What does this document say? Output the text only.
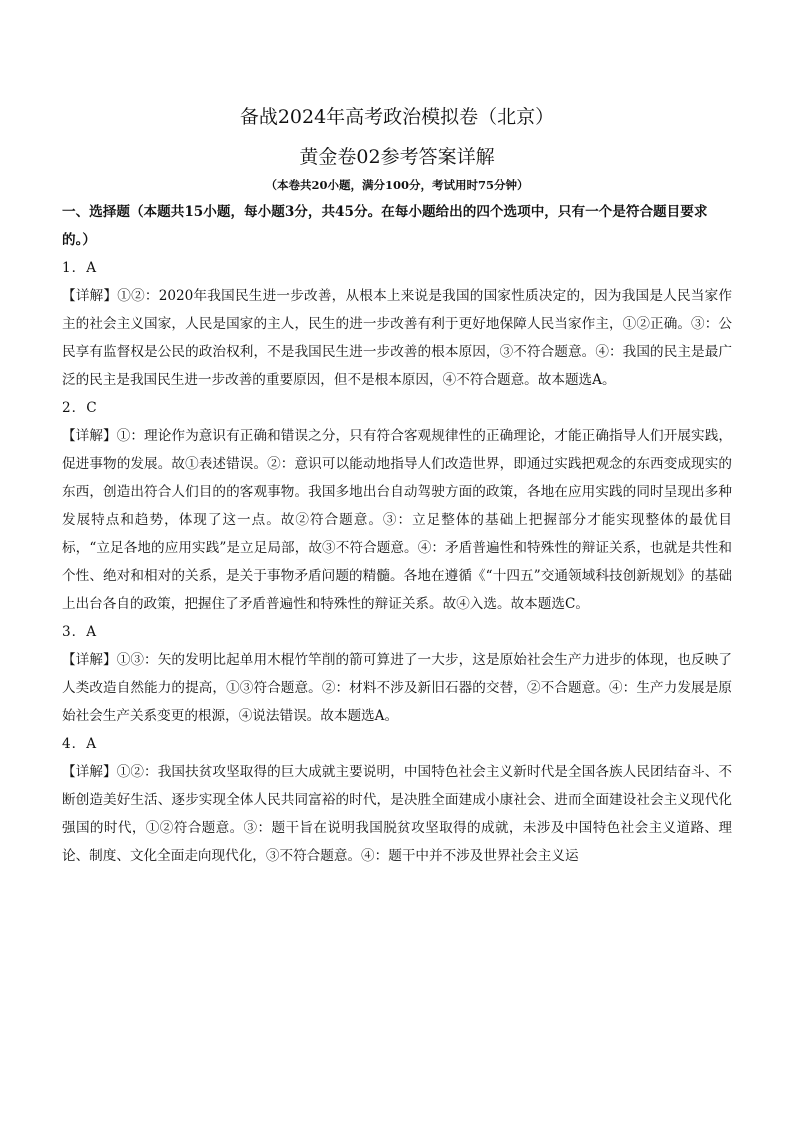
备战2024年高考政治模拟卷（北京）
黄金卷02参考答案详解
（本卷共20小题，满分100分，考试用时75分钟）
一、选择题（本题共15小题，每小题3分，共45分。在每小题给出的四个选项中，只有一个是符合题目要求的。）
1．A
【详解】①②：2020年我国民生进一步改善，从根本上来说是我国的国家性质决定的，因为我国是人民当家作主的社会主义国家，人民是国家的主人，民生的进一步改善有利于更好地保障人民当家作主，①②正确。③：公民享有监督权是公民的政治权利，不是我国民生进一步改善的根本原因，③不符合题意。④：我国的民主是最广泛的民主是我国民生进一步改善的重要原因，但不是根本原因，④不符合题意。故本题选A。
2．C
【详解】①：理论作为意识有正确和错误之分，只有符合客观规律性的正确理论，才能正确指导人们开展实践，促进事物的发展。故①表述错误。②：意识可以能动地指导人们改造世界，即通过实践把观念的东西变成现实的东西，创造出符合人们目的的客观事物。我国多地出台自动驾驶方面的政策，各地在应用实践的同时呈现出多种发展特点和趋势，体现了这一点。故②符合题意。③：立足整体的基础上把握部分才能实现整体的最优目标，“立足各地的应用实践”是立足局部，故③不符合题意。④：矛盾普遍性和特殊性的辩证关系，也就是共性和个性、绝对和相对的关系，是关于事物矛盾问题的精髓。各地在遵循《“十四五”交通领域科技创新规划》的基础上出台各自的政策，把握住了矛盾普遍性和特殊性的辩证关系。故④入选。故本题选C。
3．A
【详解】①③：矢的发明比起单用木棍竹竿削的箭可算进了一大步，这是原始社会生产力进步的体现，也反映了人类改造自然能力的提高，①③符合题意。②：材料不涉及新旧石器的交替，②不合题意。④：生产力发展是原始社会生产关系变更的根源，④说法错误。故本题选A。
4．A
【详解】①②：我国扶贫攻坚取得的巨大成就主要说明，中国特色社会主义新时代是全国各族人民团结奋斗、不断创造美好生活、逐步实现全体人民共同富裕的时代，是决胜全面建成小康社会、进而全面建设社会主义现代化强国的时代，①②符合题意。③：题干旨在说明我国脱贫攻坚取得的成就，未涉及中国特色社会主义道路、理论、制度、文化全面走向现代化，③不符合题意。④：题干中并不涉及世界社会主义运
